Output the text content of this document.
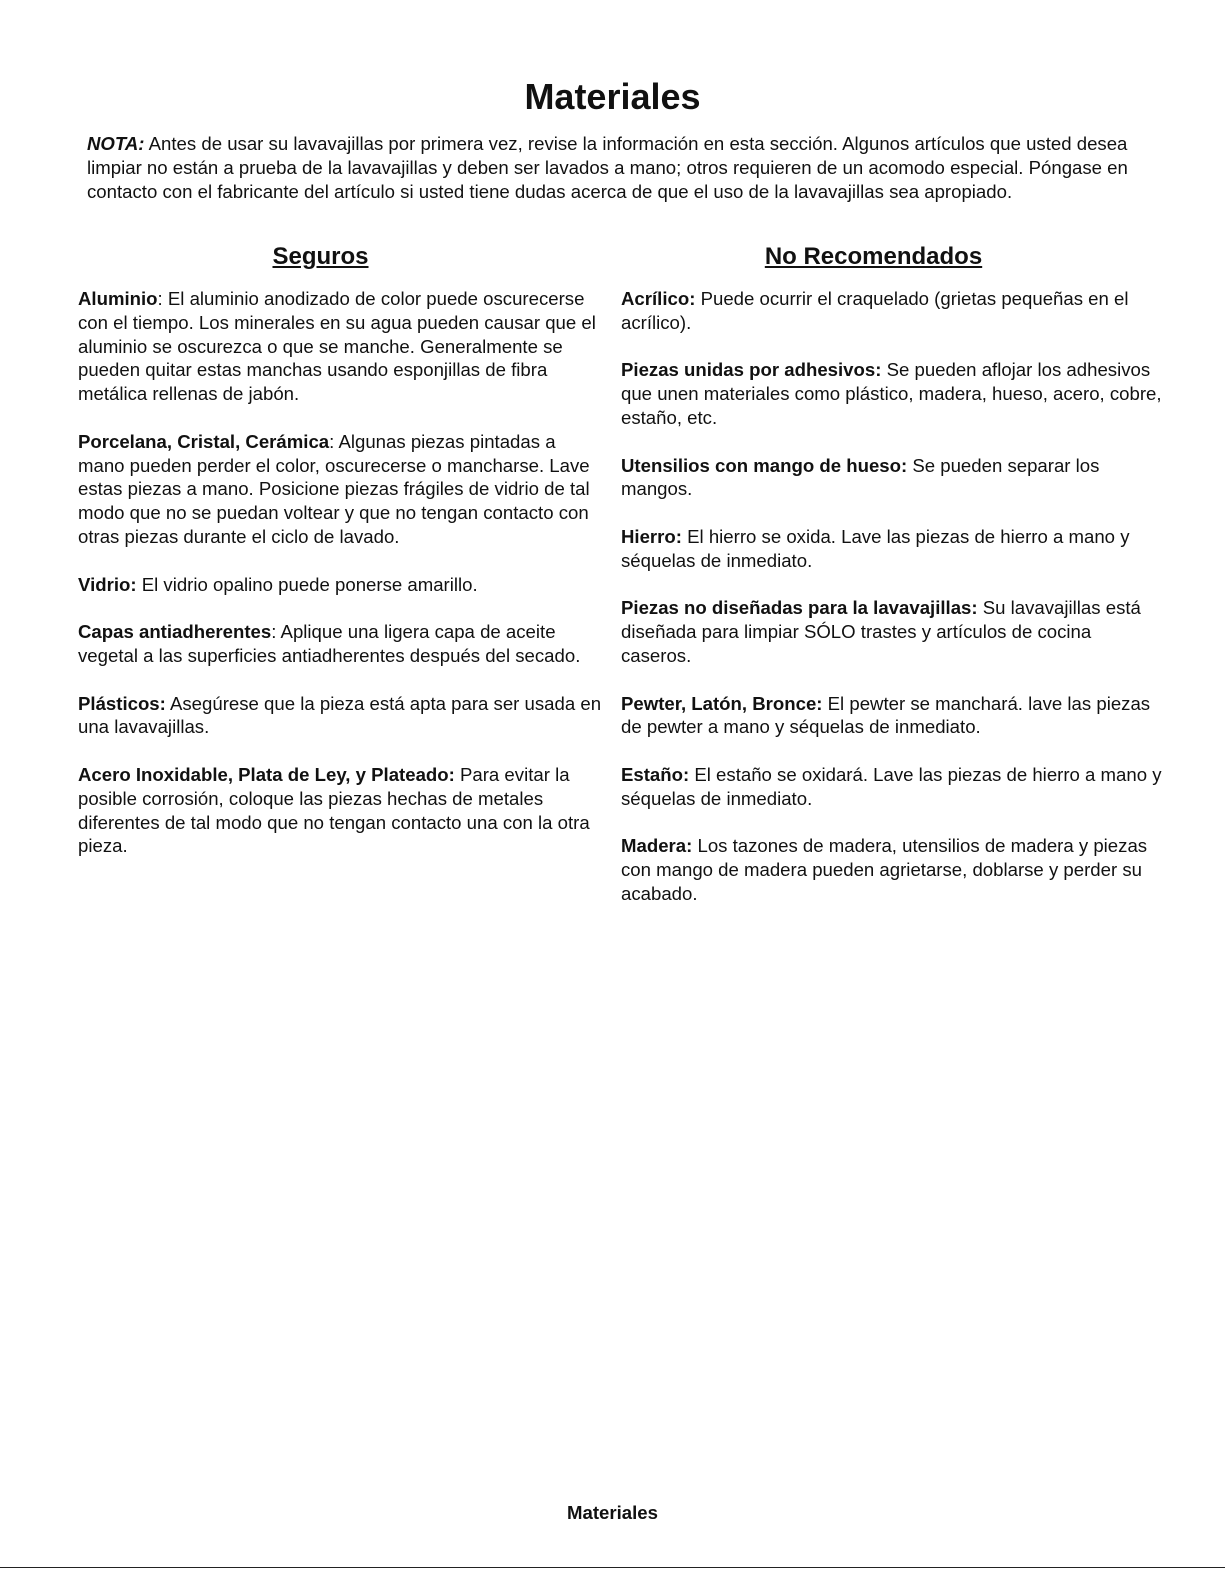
Materiales

NOTA: Antes de usar su lavavajillas por primera vez, revise la información en esta sección. Algunos artículos que usted desea limpiar no están a prueba de la lavavajillas y deben ser lavados a mano; otros requieren de un acomodo especial. Póngase en contacto con el fabricante del artículo si usted tiene dudas acerca de que el uso de la lavavajillas sea apropiado.

Seguros

Aluminio: El aluminio anodizado de color puede oscurecerse con el tiempo. Los minerales en su agua pueden causar que el aluminio se oscurezca o que se manche. Generalmente se pueden quitar estas manchas usando esponjillas de fibra metálica rellenas de jabón.

Porcelana, Cristal, Cerámica: Algunas piezas pintadas a mano pueden perder el color, oscurecerse o mancharse. Lave estas piezas a mano. Posicione piezas frágiles de vidrio de tal modo que no se puedan voltear y que no tengan contacto con otras piezas durante el ciclo de lavado.

Vidrio: El vidrio opalino puede ponerse amarillo.

Capas antiadherentes: Aplique una ligera capa de aceite vegetal a las superficies antiadherentes después del secado.

Plásticos: Asegúrese que la pieza está apta para ser usada en una lavavajillas.

Acero Inoxidable, Plata de Ley, y Plateado: Para evitar la posible corrosión, coloque las piezas hechas de metales diferentes de tal modo que no tengan contacto una con la otra pieza.

No Recomendados

Acrílico: Puede ocurrir el craquelado (grietas pequeñas en el acrílico).

Piezas unidas por adhesivos: Se pueden aflojar los adhesivos que unen materiales como plástico, madera, hueso, acero, cobre, estaño, etc.

Utensilios con mango de hueso: Se pueden separar los mangos.

Hierro: El hierro se oxida. Lave las piezas de hierro a mano y séquelas de inmediato.

Piezas no diseñadas para la lavavajillas: Su lavavajillas está diseñada para limpiar SÓLO trastes y artículos de cocina caseros.

Pewter, Latón, Bronce: El pewter se manchará. lave las piezas de pewter a mano y séquelas de inmediato.

Estaño: El estaño se oxidará. Lave las piezas de hierro a mano y séquelas de inmediato.

Madera: Los tazones de madera, utensilios de madera y piezas con mango de madera pueden agrietarse, doblarse y perder su acabado.

Materiales
